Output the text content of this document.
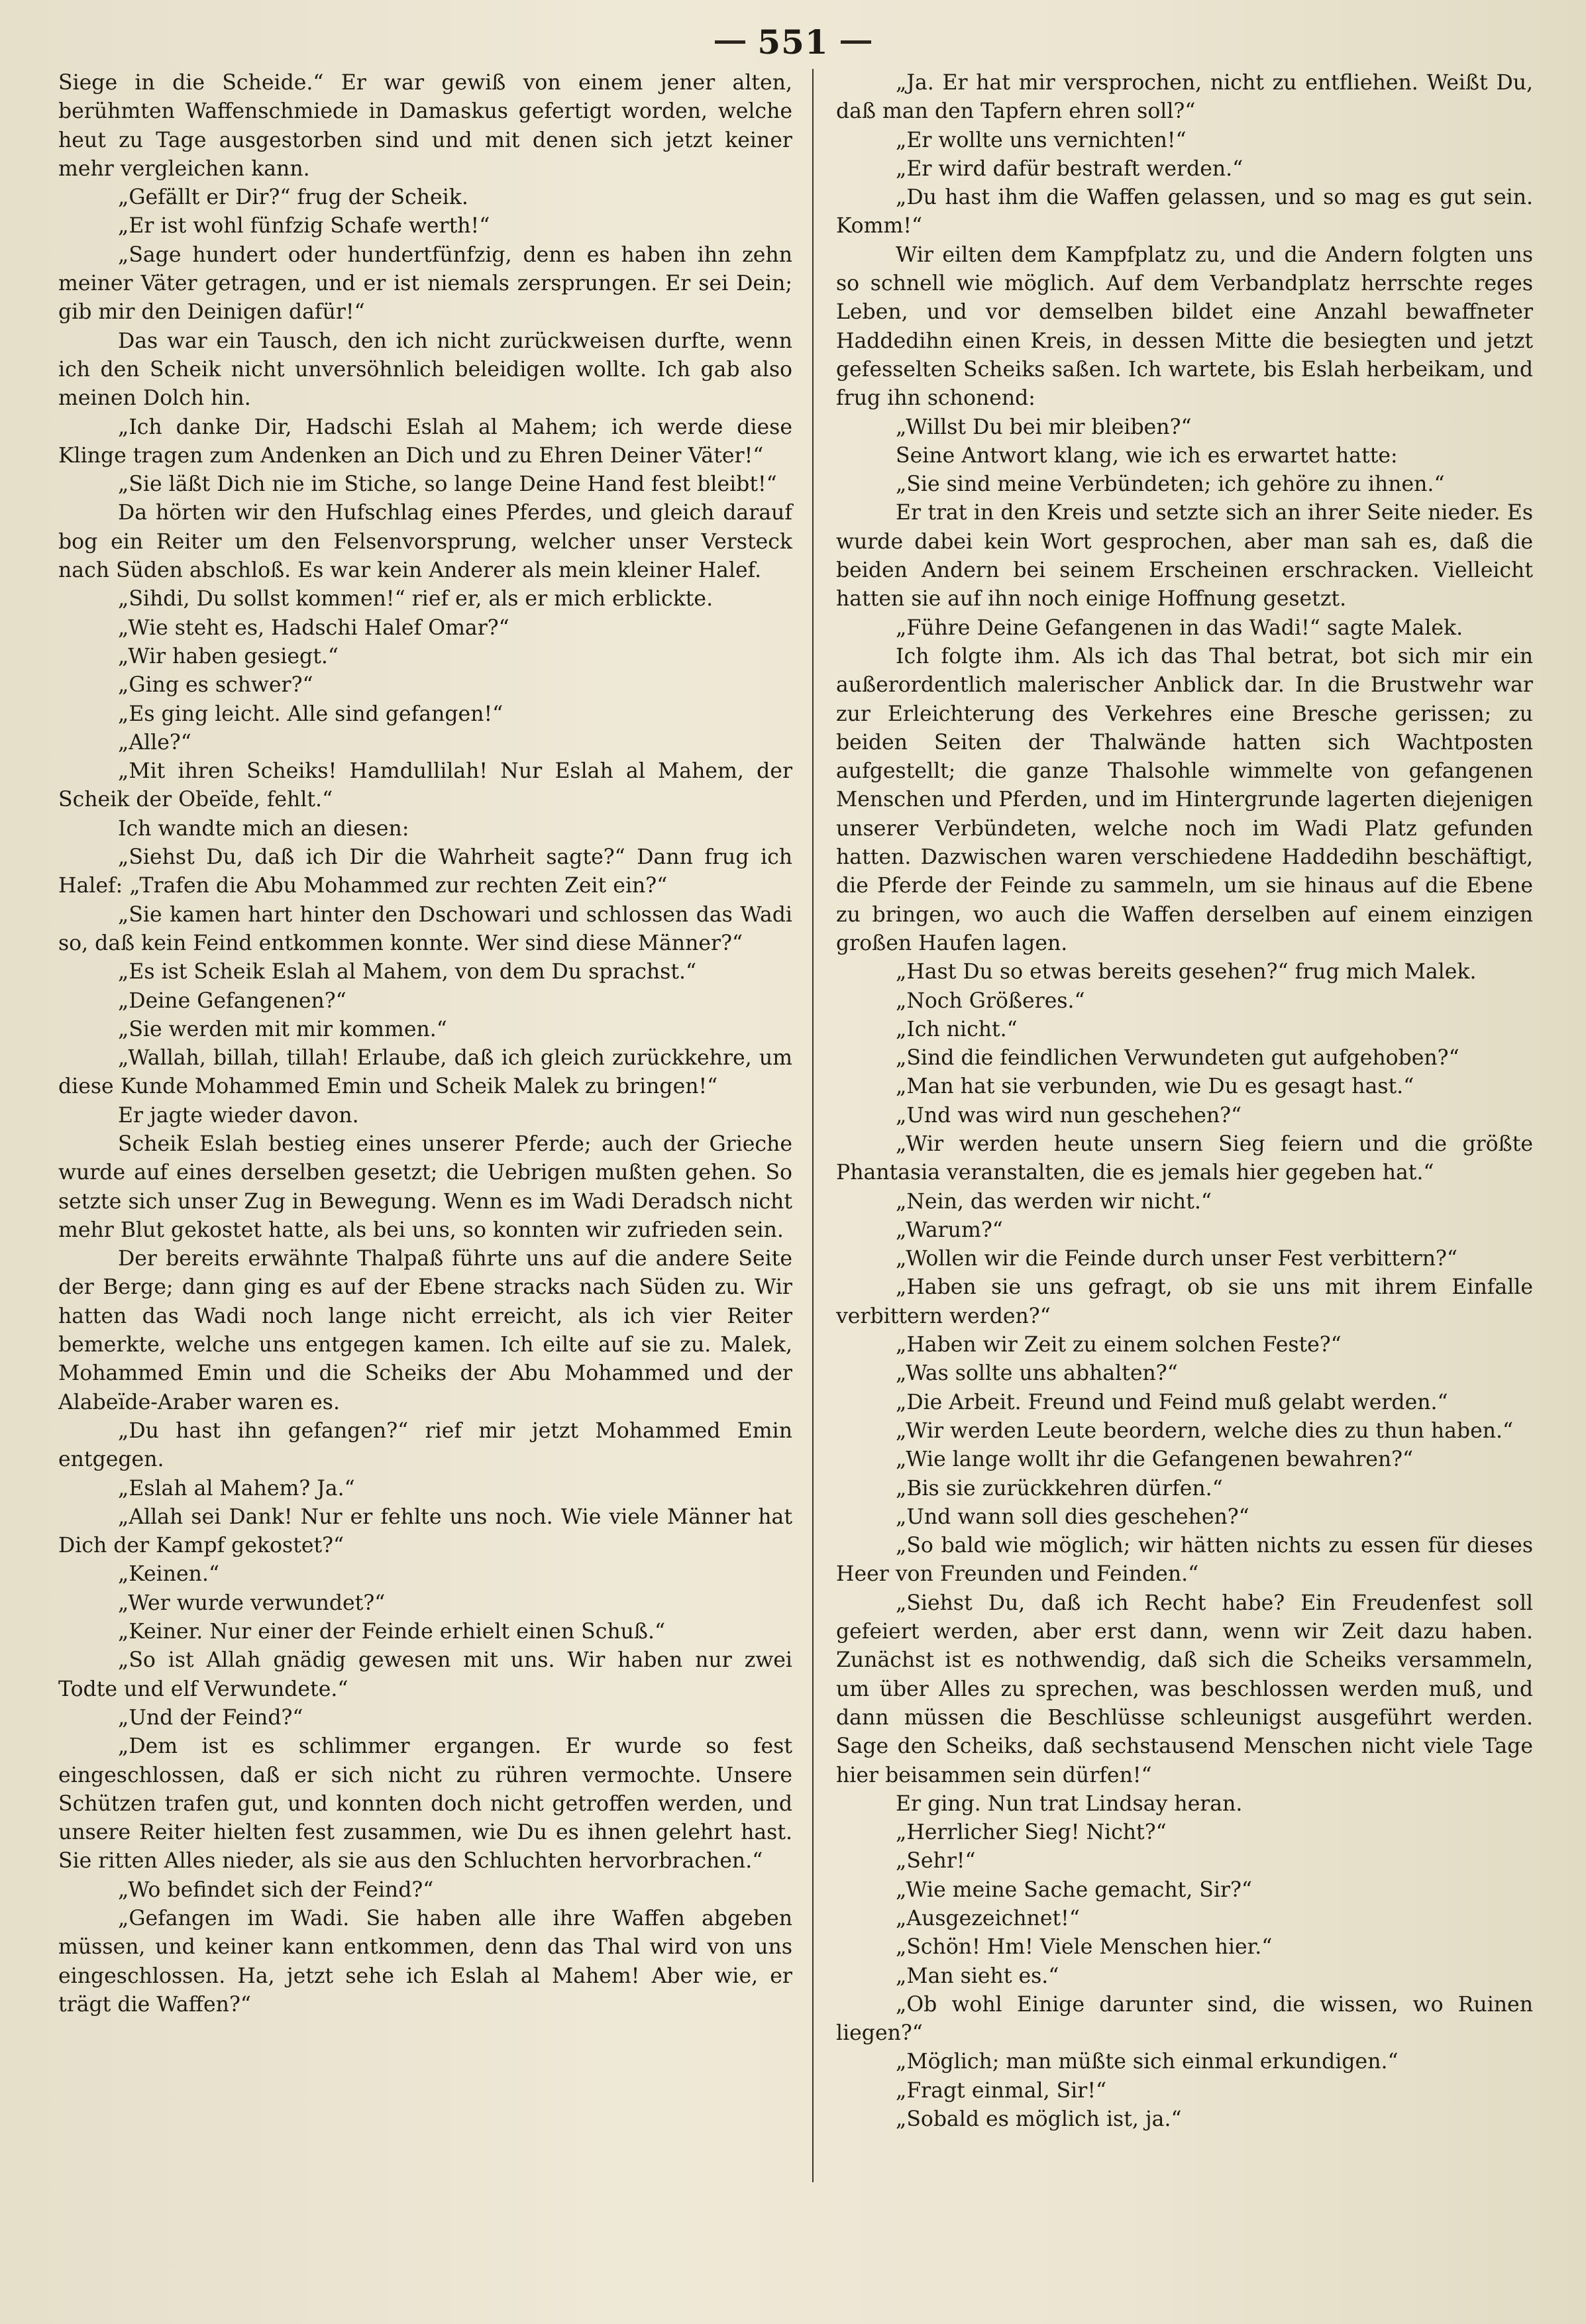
551

Siege in die Scheide.“ Er war gewiß von einem jener alten, berühmten Waffenschmiede in Damaskus gefertigt worden, welche heut zu Tage ausgestorben sind und mit denen sich jetzt keiner mehr vergleichen kann.

„Gefällt er Dir?“ frug der Scheik.

„Er ist wohl fünfzig Schafe werth!“

„Sage hundert oder hundertfünfzig, denn es haben ihn zehn meiner Väter getragen, und er ist niemals zersprungen. Er sei Dein; gib mir den Deinigen dafür!“

Das war ein Tausch, den ich nicht zurückweisen durfte, wenn ich den Scheik nicht unversöhnlich beleidigen wollte. Ich gab also meinen Dolch hin.

„Ich danke Dir, Hadschi Eslah al Mahem; ich werde diese Klinge tragen zum Andenken an Dich und zu Ehren Deiner Väter!“

„Sie läßt Dich nie im Stiche, so lange Deine Hand fest bleibt!“

Da hörten wir den Hufschlag eines Pferdes, und gleich darauf bog ein Reiter um den Felsenvorsprung, welcher unser Versteck nach Süden abschloß. Es war kein Anderer als mein kleiner Halef.

„Sihdi, Du sollst kommen!“ rief er, als er mich erblickte.

„Wie steht es, Hadschi Halef Omar?“

„Wir haben gesiegt.“

„Ging es schwer?“

„Es ging leicht. Alle sind gefangen!“

„Alle?“

„Mit ihren Scheiks! Hamdullilah! Nur Eslah al Mahem, der Scheik der Obeïde, fehlt.“

Ich wandte mich an diesen:

„Siehst Du, daß ich Dir die Wahrheit sagte?“ Dann frug ich Halef: „Trafen die Abu Mohammed zur rechten Zeit ein?“

„Sie kamen hart hinter den Dschowari und schlossen das Wadi so, daß kein Feind entkommen konnte. Wer sind diese Männer?“

„Es ist Scheik Eslah al Mahem, von dem Du sprachst.“

„Deine Gefangenen?“

„Sie werden mit mir kommen.“

„Wallah, billah, tillah! Erlaube, daß ich gleich zurückkehre, um diese Kunde Mohammed Emin und Scheik Malek zu bringen!“

Er jagte wieder davon.

Scheik Eslah bestieg eines unserer Pferde; auch der Grieche wurde auf eines derselben gesetzt; die Uebrigen mußten gehen. So setzte sich unser Zug in Bewegung. Wenn es im Wadi Deradsch nicht mehr Blut gekostet hatte, als bei uns, so konnten wir zufrieden sein.

Der bereits erwähnte Thalpaß führte uns auf die andere Seite der Berge; dann ging es auf der Ebene stracks nach Süden zu. Wir hatten das Wadi noch lange nicht erreicht, als ich vier Reiter bemerkte, welche uns entgegen kamen. Ich eilte auf sie zu. Malek, Mohammed Emin und die Scheiks der Abu Mohammed und der Alabeïde-Araber waren es.

„Du hast ihn gefangen?“ rief mir jetzt Mohammed Emin entgegen.

„Eslah al Mahem? Ja.“

„Allah sei Dank! Nur er fehlte uns noch. Wie viele Männer hat Dich der Kampf gekostet?“

„Keinen.“

„Wer wurde verwundet?“

„Keiner. Nur einer der Feinde erhielt einen Schuß.“

„So ist Allah gnädig gewesen mit uns. Wir haben nur zwei Todte und elf Verwundete.“

„Und der Feind?“

„Dem ist es schlimmer ergangen. Er wurde so fest eingeschlossen, daß er sich nicht zu rühren vermochte. Unsere Schützen trafen gut, und konnten doch nicht getroffen werden, und unsere Reiter hielten fest zusammen, wie Du es ihnen gelehrt hast. Sie ritten Alles nieder, als sie aus den Schluchten hervorbrachen.“

„Wo befindet sich der Feind?“

„Gefangen im Wadi. Sie haben alle ihre Waffen abgeben müssen, und keiner kann entkommen, denn das Thal wird von uns eingeschlossen. Ha, jetzt sehe ich Eslah al Mahem! Aber wie, er trägt die Waffen?“

„Ja. Er hat mir versprochen, nicht zu entfliehen. Weißt Du, daß man den Tapfern ehren soll?“

„Er wollte uns vernichten!“

„Er wird dafür bestraft werden.“

„Du hast ihm die Waffen gelassen, und so mag es gut sein. Komm!“

Wir eilten dem Kampfplatz zu, und die Andern folgten uns so schnell wie möglich. Auf dem Verbandplatz herrschte reges Leben, und vor demselben bildet eine Anzahl bewaffneter Haddedihn einen Kreis, in dessen Mitte die besiegten und jetzt gefesselten Scheiks saßen. Ich wartete, bis Eslah herbeikam, und frug ihn schonend:

„Willst Du bei mir bleiben?“

Seine Antwort klang, wie ich es erwartet hatte:

„Sie sind meine Verbündeten; ich gehöre zu ihnen.“

Er trat in den Kreis und setzte sich an ihrer Seite nieder. Es wurde dabei kein Wort gesprochen, aber man sah es, daß die beiden Andern bei seinem Erscheinen erschracken. Vielleicht hatten sie auf ihn noch einige Hoffnung gesetzt.

„Führe Deine Gefangenen in das Wadi!“ sagte Malek.

Ich folgte ihm. Als ich das Thal betrat, bot sich mir ein außerordentlich malerischer Anblick dar. In die Brustwehr war zur Erleichterung des Verkehres eine Bresche gerissen; zu beiden Seiten der Thalwände hatten sich Wachtposten aufgestellt; die ganze Thalsohle wimmelte von gefangenen Menschen und Pferden, und im Hintergrunde lagerten diejenigen unserer Verbündeten, welche noch im Wadi Platz gefunden hatten. Dazwischen waren verschiedene Haddedihn beschäftigt, die Pferde der Feinde zu sammeln, um sie hinaus auf die Ebene zu bringen, wo auch die Waffen derselben auf einem einzigen großen Haufen lagen.

„Hast Du so etwas bereits gesehen?“ frug mich Malek.

„Noch Größeres.“

„Ich nicht.“

„Sind die feindlichen Verwundeten gut aufgehoben?“

„Man hat sie verbunden, wie Du es gesagt hast.“

„Und was wird nun geschehen?“

„Wir werden heute unsern Sieg feiern und die größte Phantasia veranstalten, die es jemals hier gegeben hat.“

„Nein, das werden wir nicht.“

„Warum?“

„Wollen wir die Feinde durch unser Fest verbittern?“

„Haben sie uns gefragt, ob sie uns mit ihrem Einfalle verbittern werden?“

„Haben wir Zeit zu einem solchen Feste?“

„Was sollte uns abhalten?“

„Die Arbeit. Freund und Feind muß gelabt werden.“

„Wir werden Leute beordern, welche dies zu thun haben.“

„Wie lange wollt ihr die Gefangenen bewahren?“

„Bis sie zurückkehren dürfen.“

„Und wann soll dies geschehen?“

„So bald wie möglich; wir hätten nichts zu essen für dieses Heer von Freunden und Feinden.“

„Siehst Du, daß ich Recht habe? Ein Freudenfest soll gefeiert werden, aber erst dann, wenn wir Zeit dazu haben. Zunächst ist es nothwendig, daß sich die Scheiks versammeln, um über Alles zu sprechen, was beschlossen werden muß, und dann müssen die Beschlüsse schleunigst ausgeführt werden. Sage den Scheiks, daß sechstausend Menschen nicht viele Tage hier beisammen sein dürfen!“

Er ging. Nun trat Lindsay heran.

„Herrlicher Sieg! Nicht?“

„Sehr!“

„Wie meine Sache gemacht, Sir?“

„Ausgezeichnet!“

„Schön! Hm! Viele Menschen hier.“

„Man sieht es.“

„Ob wohl Einige darunter sind, die wissen, wo Ruinen liegen?“

„Möglich; man müßte sich einmal erkundigen.“

„Fragt einmal, Sir!“

„Sobald es möglich ist, ja.“
